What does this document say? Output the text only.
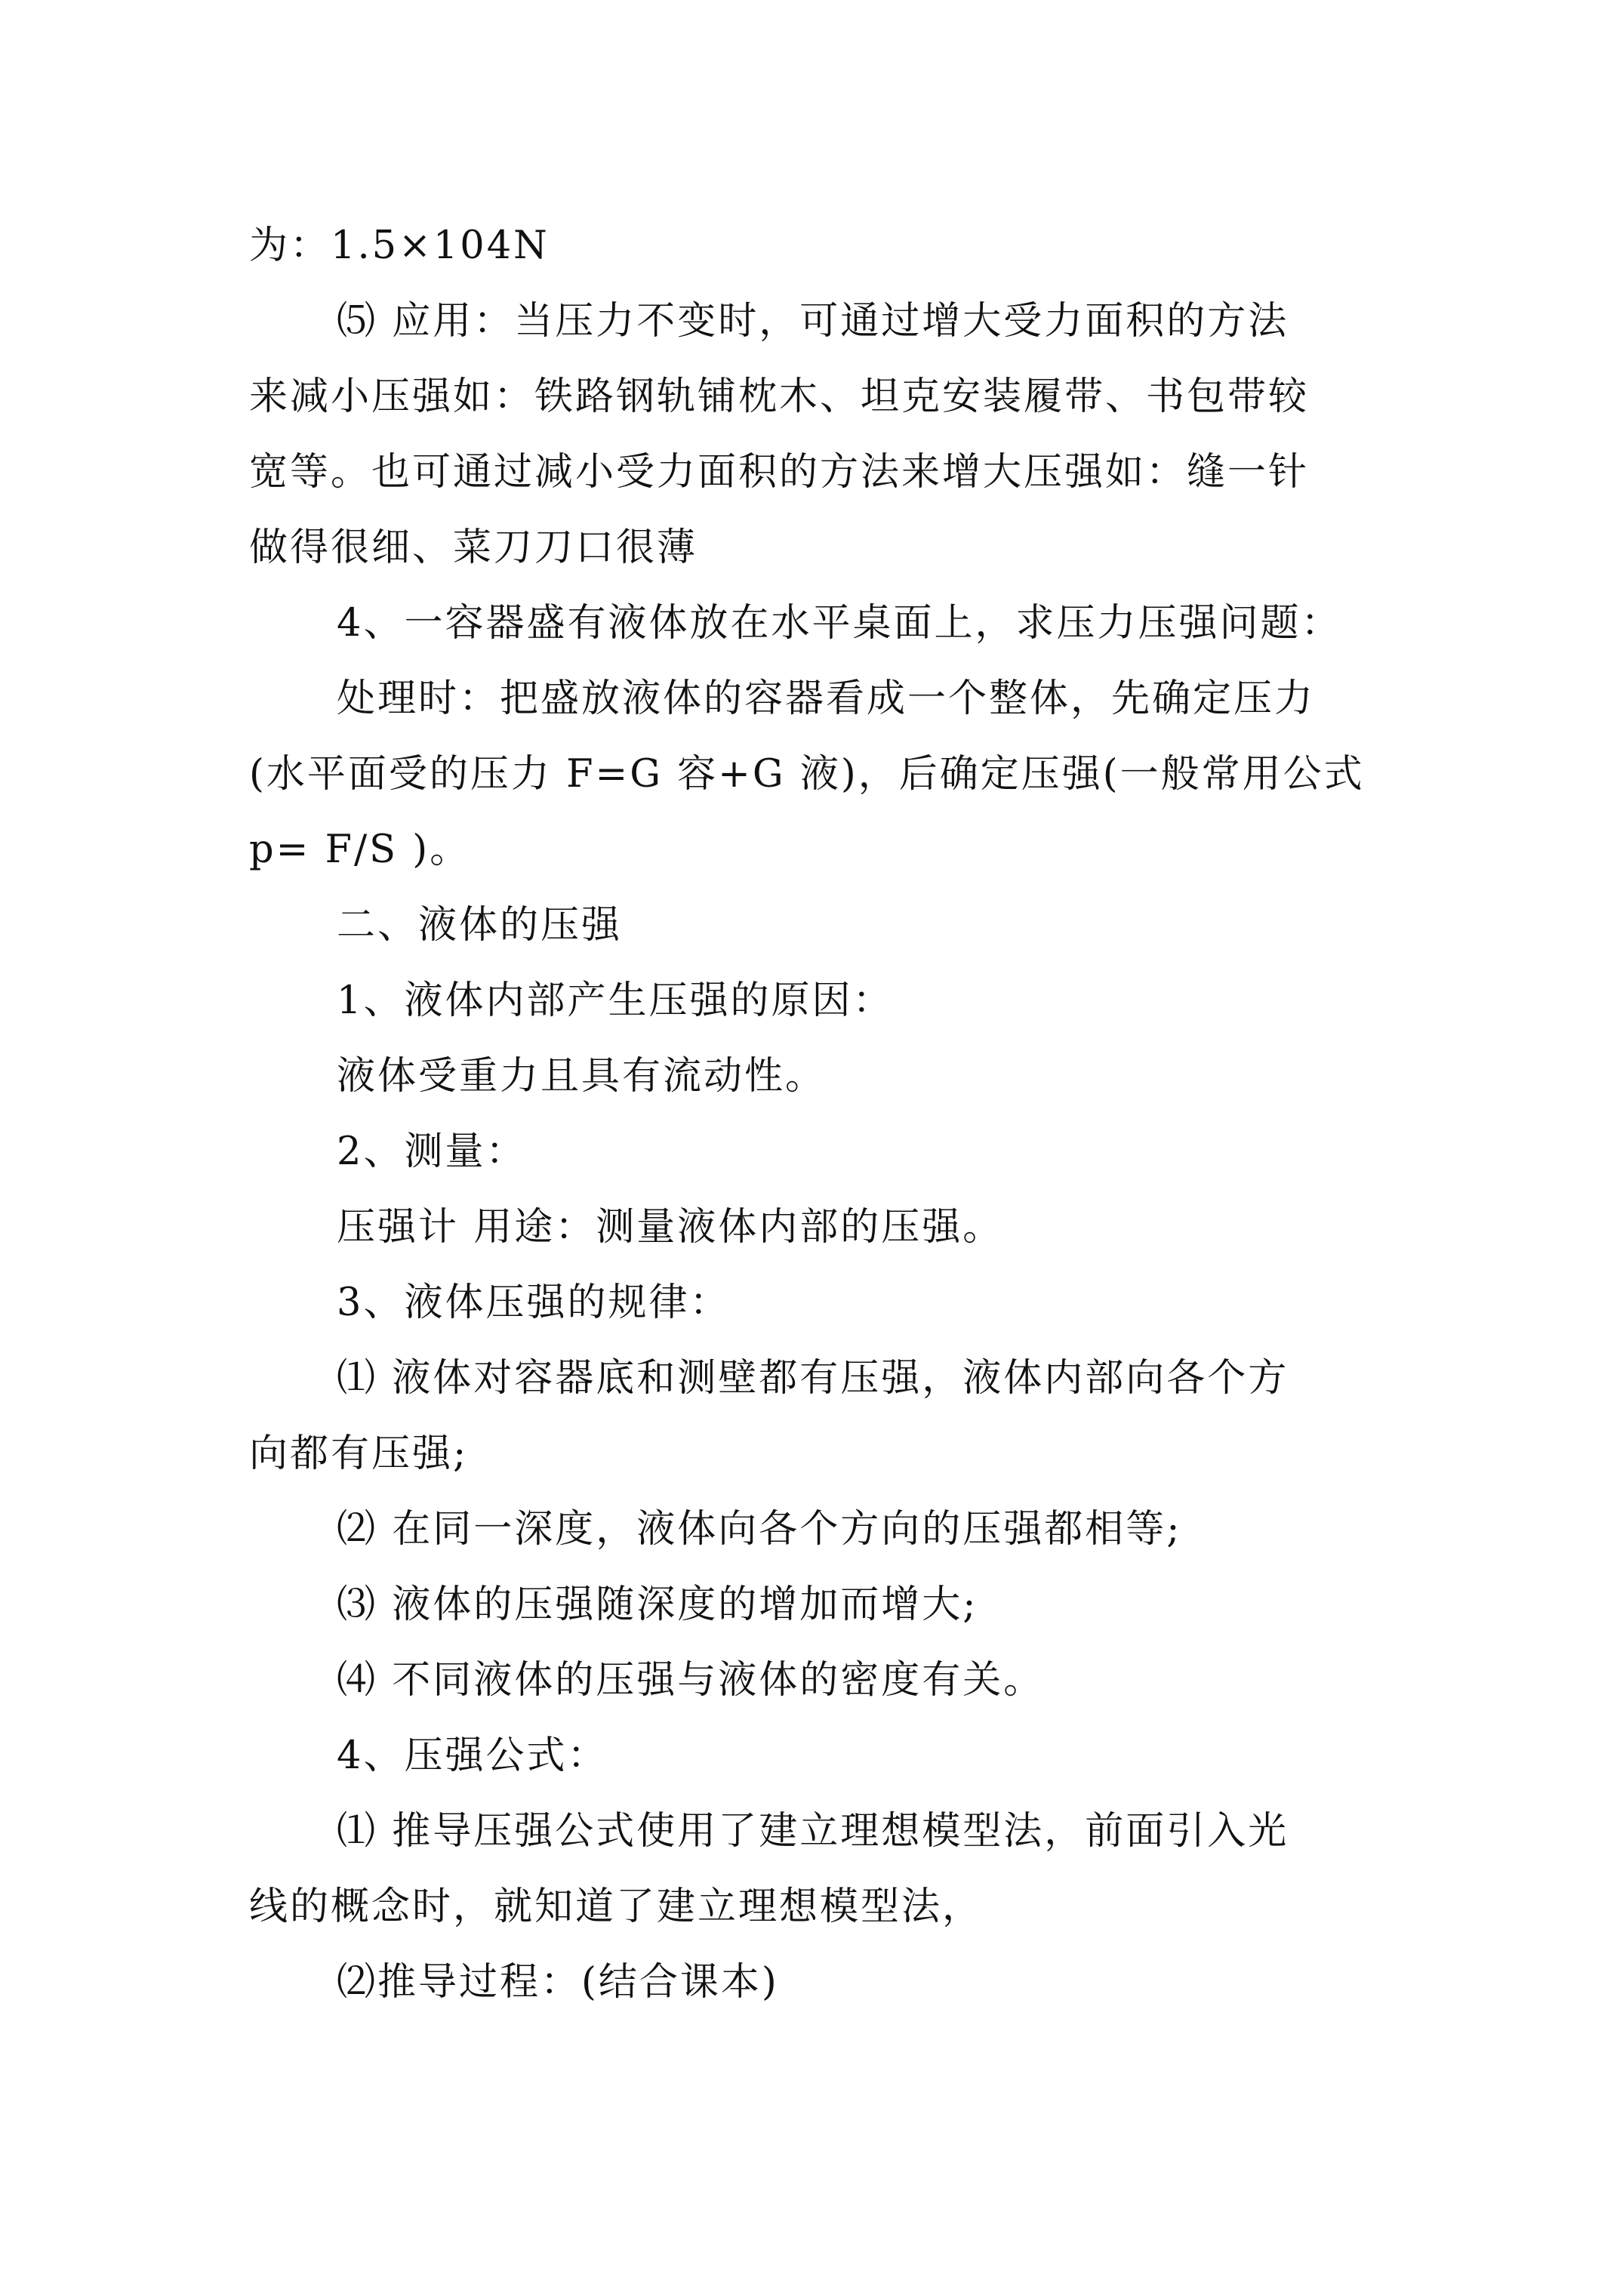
为：1.5×104N
⑸ 应用：当压力不变时，可通过增大受力面积的方法
来减小压强如：铁路钢轨铺枕木、坦克安装履带、书包带较
宽等。也可通过减小受力面积的方法来增大压强如：缝一针
做得很细、菜刀刀口很薄
4、一容器盛有液体放在水平桌面上，求压力压强问题：
处理时：把盛放液体的容器看成一个整体，先确定压力
(水平面受的压力 F=G 容+G 液)，后确定压强(一般常用公式
p= F/S )。
二、液体的压强
1、液体内部产生压强的原因：
液体受重力且具有流动性。
2、测量：
压强计 用途：测量液体内部的压强。
3、液体压强的规律：
⑴ 液体对容器底和测壁都有压强，液体内部向各个方
向都有压强;
⑵ 在同一深度，液体向各个方向的压强都相等;
⑶ 液体的压强随深度的增加而增大;
⑷ 不同液体的压强与液体的密度有关。
4、压强公式：
⑴ 推导压强公式使用了建立理想模型法，前面引入光
线的概念时，就知道了建立理想模型法，
⑵推导过程：(结合课本)
